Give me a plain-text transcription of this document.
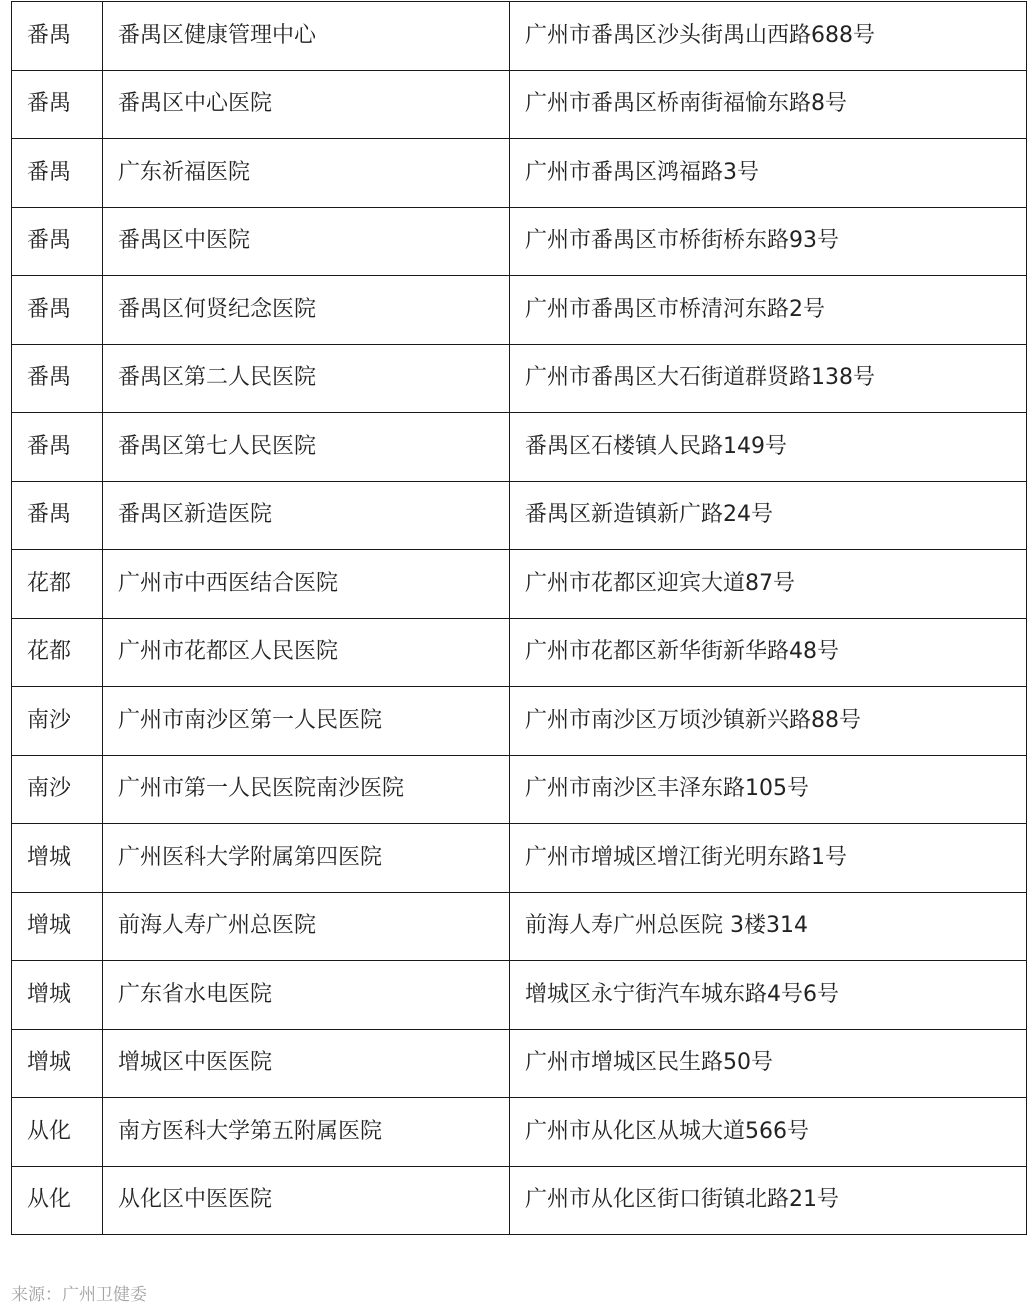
番禺	番禺区健康管理中心	广州市番禺区沙头街禺山西路688号
番禺	番禺区中心医院	广州市番禺区桥南街福愉东路8号
番禺	广东祈福医院	广州市番禺区鸿福路3号
番禺	番禺区中医院	广州市番禺区市桥街桥东路93号
番禺	番禺区何贤纪念医院	广州市番禺区市桥清河东路2号
番禺	番禺区第二人民医院	广州市番禺区大石街道群贤路138号
番禺	番禺区第七人民医院	番禺区石楼镇人民路149号
番禺	番禺区新造医院	番禺区新造镇新广路24号
花都	广州市中西医结合医院	广州市花都区迎宾大道87号
花都	广州市花都区人民医院	广州市花都区新华街新华路48号
南沙	广州市南沙区第一人民医院	广州市南沙区万顷沙镇新兴路88号
南沙	广州市第一人民医院南沙医院	广州市南沙区丰泽东路105号
增城	广州医科大学附属第四医院	广州市增城区增江街光明东路1号
增城	前海人寿广州总医院	前海人寿广州总医院 3楼314
增城	广东省水电医院	增城区永宁街汽车城东路4号6号
增城	增城区中医医院	广州市增城区民生路50号
从化	南方医科大学第五附属医院	广州市从化区从城大道566号
从化	从化区中医医院	广州市从化区街口街镇北路21号
来源：广州卫健委
